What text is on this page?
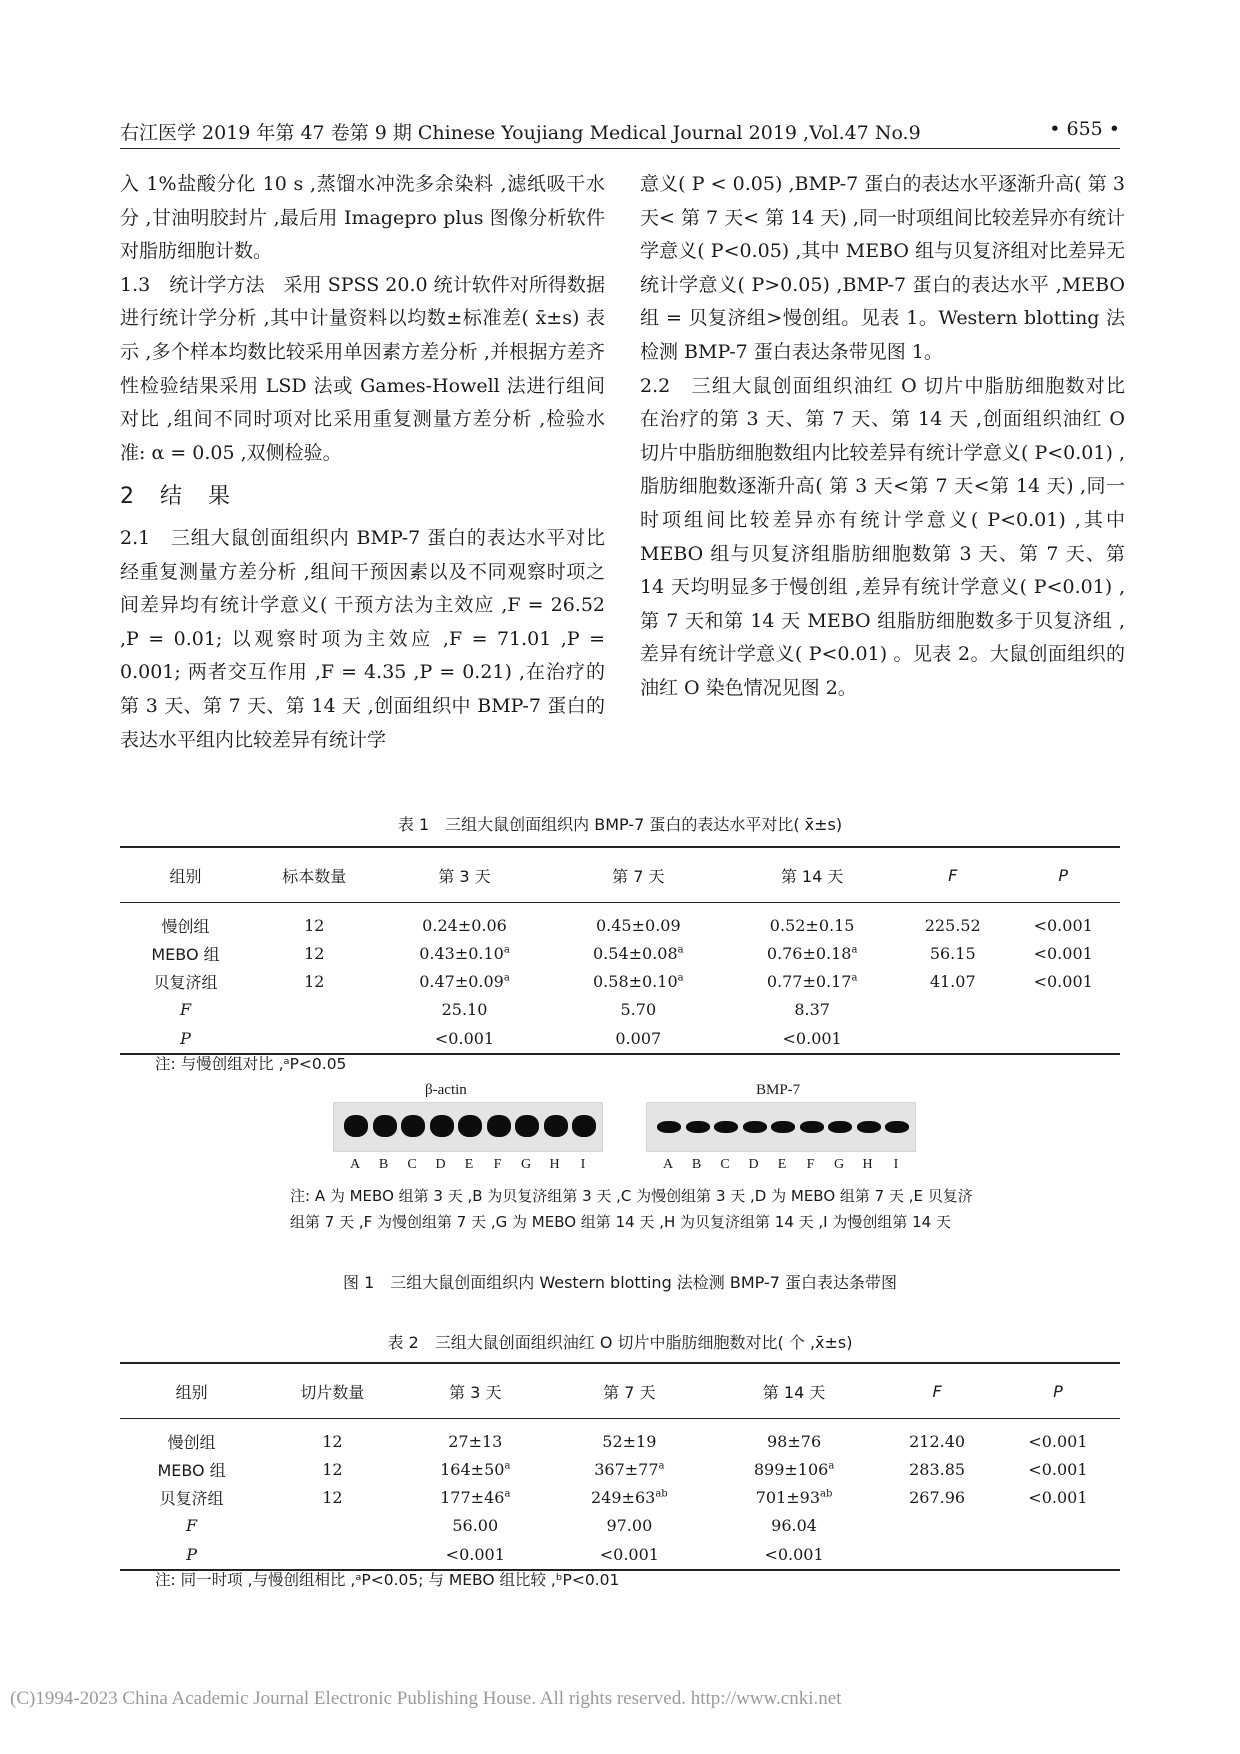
右江医学 2019 年第 47 卷第 9 期 Chinese Youjiang Medical Journal 2019 ,Vol.47 No.9	• 655 •

入 1%盐酸分化 10 s ,蒸馏水冲洗多余染料 ,滤纸吸干水分 ,甘油明胶封片 ,最后用 Imagepro plus 图像分析软件对脂肪细胞计数。

1.3　统计学方法　采用 SPSS 20.0 统计软件对所得数据进行统计学分析 ,其中计量资料以均数±标准差( x̄±s) 表示 ,多个样本均数比较采用单因素方差分析 ,并根据方差齐性检验结果采用 LSD 法或 Games-Howell 法进行组间对比 ,组间不同时项对比采用重复测量方差分析 ,检验水准: α = 0.05 ,双侧检验。

2　结　果

2.1　三组大鼠创面组织内 BMP-7 蛋白的表达水平对比　经重复测量方差分析 ,组间干预因素以及不同观察时项之间差异均有统计学意义( 干预方法为主效应 ,F = 26.52 ,P = 0.01; 以观察时项为主效应 ,F = 71.01 ,P = 0.001; 两者交互作用 ,F = 4.35 ,P = 0.21) ,在治疗的第 3 天、第 7 天、第 14 天 ,创面组织中 BMP-7 蛋白的表达水平组内比较差异有统计学

意义( P < 0.05) ,BMP-7 蛋白的表达水平逐渐升高( 第 3 天< 第 7 天< 第 14 天) ,同一时项组间比较差异亦有统计学意义( P<0.05) ,其中 MEBO 组与贝复济组对比差异无统计学意义( P>0.05) ,BMP-7 蛋白的表达水平 ,MEBO 组 = 贝复济组>慢创组。见表 1。Western blotting 法检测 BMP-7 蛋白表达条带见图 1。

2.2　三组大鼠创面组织油红 O 切片中脂肪细胞数对比　在治疗的第 3 天、第 7 天、第 14 天 ,创面组织油红 O 切片中脂肪细胞数组内比较差异有统计学意义( P<0.01) ,脂肪细胞数逐渐升高( 第 3 天<第 7 天<第 14 天) ,同一时项组间比较差异亦有统计学意义( P<0.01) ,其中 MEBO 组与贝复济组脂肪细胞数第 3 天、第 7 天、第 14 天均明显多于慢创组 ,差异有统计学意义( P<0.01) ,第 7 天和第 14 天 MEBO 组脂肪细胞数多于贝复济组 ,差异有统计学意义( P<0.01) 。见表 2。大鼠创面组织的油红 O 染色情况见图 2。

表 1　三组大鼠创面组织内 BMP-7 蛋白的表达水平对比( x̄±s)
组别	标本数量	第 3 天	第 7 天	第 14 天	F	P

慢创组	12	0.24±0.06	0.45±0.09	0.52±0.15	225.52	<0.001
MEBO 组	12	0.43±0.10$^a$	0.54±0.08$^a$	0.76±0.18$^a$	56.15	<0.001
贝复济组	12	0.47±0.09$^a$	0.58±0.10$^a$	0.77±0.17$^a$	41.07	<0.001
F		25.10	5.70	8.37		
P		<0.001	0.007	<0.001		
注: 与慢创组对比 ,ᵃP<0.05
β-actin	BMP-7
A	B	C	D	E	F	G	H	I	A	B	C	D	E	F	G	H	I
注: A 为 MEBO 组第 3 天 ,B 为贝复济组第 3 天 ,C 为慢创组第 3 天 ,D 为 MEBO 组第 7 天 ,E 贝复济
组第 7 天 ,F 为慢创组第 7 天 ,G 为 MEBO 组第 14 天 ,H 为贝复济组第 14 天 ,I 为慢创组第 14 天
图 1　三组大鼠创面组织内 Western blotting 法检测 BMP-7 蛋白表达条带图
表 2　三组大鼠创面组织油红 O 切片中脂肪细胞数对比( 个 ,x̄±s)
组别	切片数量	第 3 天	第 7 天	第 14 天	F	P

慢创组	12	27±13	52±19	98±76	212.40	<0.001
MEBO 组	12	$164\pm 50^a$	$367\pm 77^a$	$899\pm 106^a$	283.85	<0.001
贝复济组	12	$177\pm 46^a$	$249\pm 63^{ab}$	$701\pm 93^{ab}$	267.96	<0.001
F		56.00	97.00	96.04		
P		<0.001	<0.001	<0.001		
注: 同一时项 ,与慢创组相比 ,ᵃP<0.05; 与 MEBO 组比较 ,ᵇP<0.01
(C)1994-2023 China Academic Journal Electronic Publishing House. All rights reserved. http://www.cnki.net
